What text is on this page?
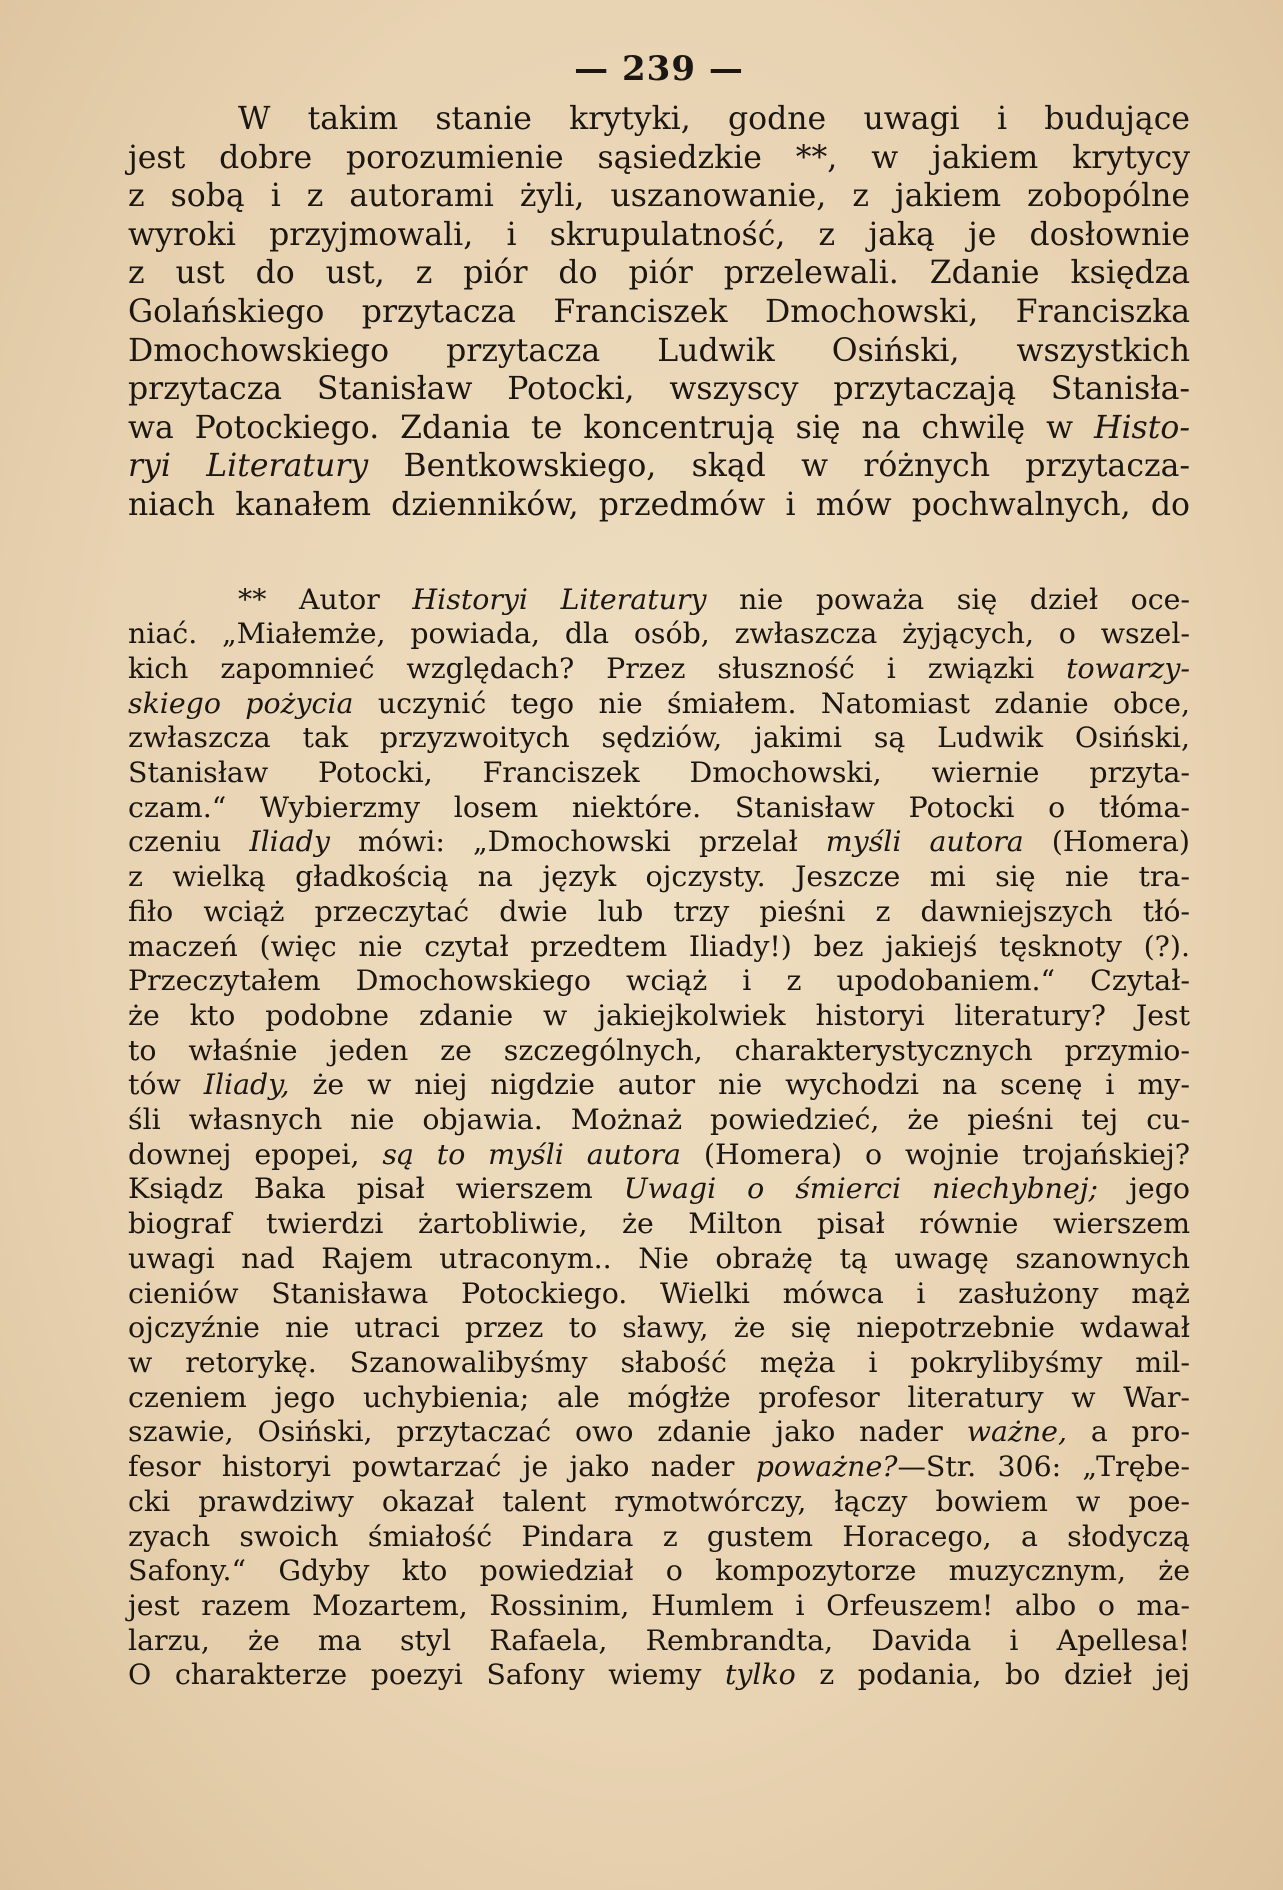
— 239 —
W takim stanie krytyki, godne uwagi i budujące
jest dobre porozumienie sąsiedzkie **, w jakiem krytycy
z sobą i z autorami żyli, uszanowanie, z jakiem zobopólne
wyroki przyjmowali, i skrupulatność, z jaką je dosłownie
z ust do ust, z piór do piór przelewali. Zdanie księdza
Golańskiego przytacza Franciszek Dmochowski, Franciszka
Dmochowskiego przytacza Ludwik Osiński, wszystkich
przytacza Stanisław Potocki, wszyscy przytaczają Stanisła-
wa Potockiego. Zdania te koncentrują się na chwilę w Histo-
ryi Literatury Bentkowskiego, skąd w różnych przytacza-
niach kanałem dzienników, przedmów i mów pochwalnych, do
** Autor Historyi Literatury nie poważa się dzieł oce-
niać. „Miałemże, powiada, dla osób, zwłaszcza żyjących, o wszel-
kich zapomnieć względach? Przez słuszność i związki towarzy-
skiego pożycia uczynić tego nie śmiałem. Natomiast zdanie obce,
zwłaszcza tak przyzwoitych sędziów, jakimi są Ludwik Osiński,
Stanisław Potocki, Franciszek Dmochowski, wiernie przyta-
czam.“ Wybierzmy losem niektóre. Stanisław Potocki o tłóma-
czeniu Iliady mówi: „Dmochowski przelał myśli autora (Homera)
z wielką gładkością na język ojczysty. Jeszcze mi się nie tra-
fiło wciąż przeczytać dwie lub trzy pieśni z dawniejszych tłó-
maczeń (więc nie czytał przedtem Iliady!) bez jakiejś tęsknoty (?).
Przeczytałem Dmochowskiego wciąż i z upodobaniem.“ Czytał-
że kto podobne zdanie w jakiejkolwiek historyi literatury? Jest
to właśnie jeden ze szczególnych, charakterystycznych przymio-
tów Iliady, że w niej nigdzie autor nie wychodzi na scenę i my-
śli własnych nie objawia. Możnaż powiedzieć, że pieśni tej cu-
downej epopei, są to myśli autora (Homera) o wojnie trojańskiej?
Ksiądz Baka pisał wierszem Uwagi o śmierci niechybnej; jego
biograf twierdzi żartobliwie, że Milton pisał równie wierszem
uwagi nad Rajem utraconym.. Nie obrażę tą uwagę szanownych
cieniów Stanisława Potockiego. Wielki mówca i zasłużony mąż
ojczyźnie nie utraci przez to sławy, że się niepotrzebnie wdawał
w retorykę. Szanowalibyśmy słabość męża i pokrylibyśmy mil-
czeniem jego uchybienia; ale mógłże profesor literatury w War-
szawie, Osiński, przytaczać owo zdanie jako nader ważne, a pro-
fesor historyi powtarzać je jako nader poważne?—Str. 306: „Trębe-
cki prawdziwy okazał talent rymotwórczy, łączy bowiem w poe-
zyach swoich śmiałość Pindara z gustem Horacego, a słodyczą
Safony.“ Gdyby kto powiedział o kompozytorze muzycznym, że
jest razem Mozartem, Rossinim, Humlem i Orfeuszem! albo o ma-
larzu, że ma styl Rafaela, Rembrandta, Davida i Apellesa!
O charakterze poezyi Safony wiemy tylko z podania, bo dzieł jej
